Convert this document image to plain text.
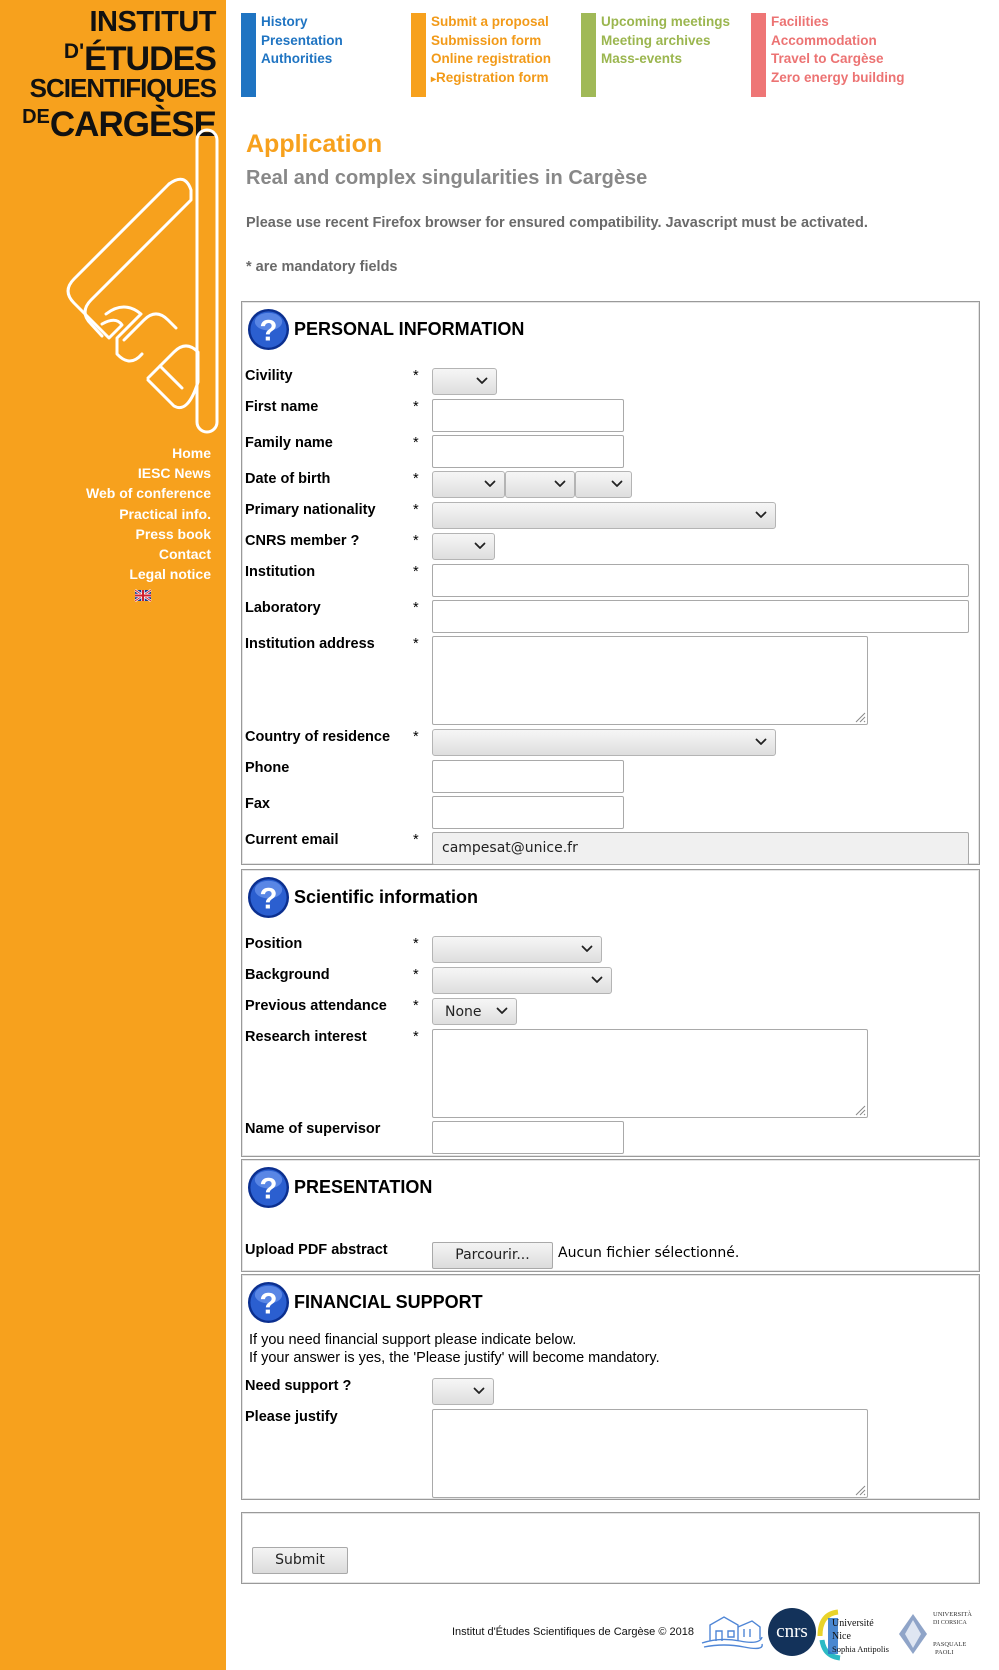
INSTITUT
$^{D'}$ÉTUDES
SCIENTIFIQUES
$^{DE}$CARGÈSE
Home
IESC News
Web of conference
Practical info.
Press book
Contact
Legal notice
History
Presentation
Authorities
Submit a proposal
Submission form
Online registration
▸Registration form
Upcoming meetings
Meeting archives
Mass-events
Facilities
Accommodation
Travel to Cargèse
Zero energy building
Application
Real and complex singularities in Cargèse
Please use recent Firefox browser for ensured compatibility. Javascript must be activated.
* are mandatory fields
PERSONAL INFORMATION
Civility	*
First name	*
Family name	*
Date of birth	*
Primary nationality	*
CNRS member ?	*
Institution	*
Laboratory	*
Institution address	*
Country of residence *
Phone
Fax
Current email	* campesat@unice.fr
Scientific information
Position	*
Background	*
Previous attendance * None
Research interest	*
Name of supervisor
PRESENTATION
Upload PDF abstract	Parcourir...	Aucun fichier sélectionné.
FINANCIAL SUPPORT
If you need financial support please indicate below.
If your answer is yes, the 'Please justify' will become mandatory.
Need support ?
Please justify
Submit
Institut d'Études Scientifiques de Cargèse © 2018	cnrs Université
Nice
Sophia Antipolis
UNIVERSITÀ
DI CORSICA
PASQUALE
PAOLI
